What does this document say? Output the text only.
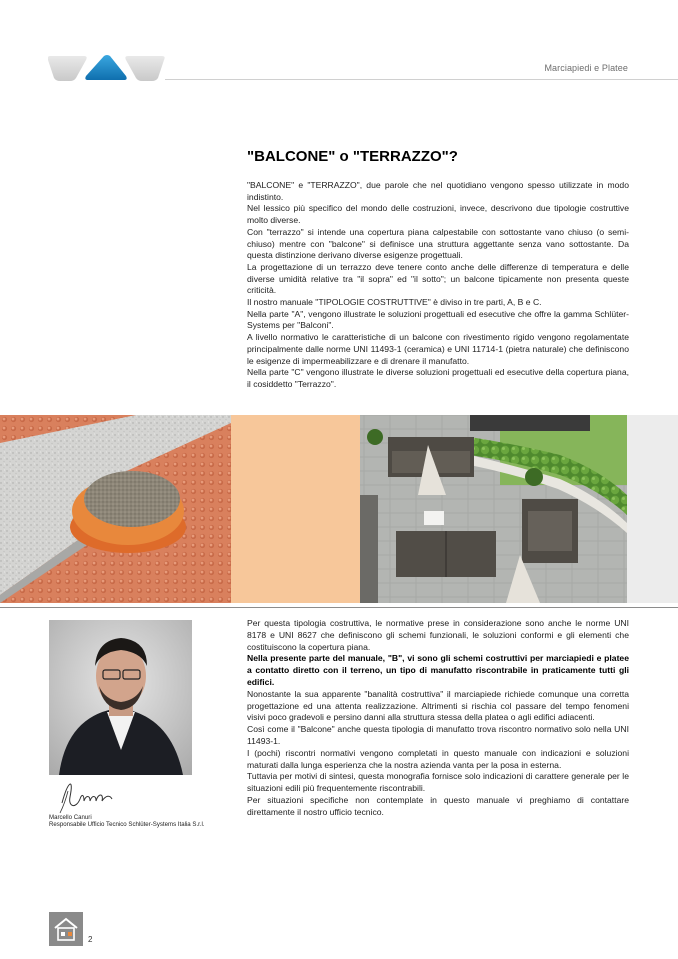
Marciapiedi e Platee
"BALCONE" o "TERRAZZO"?

"BALCONE" e "TERRAZZO", due parole che nel quotidiano vengono spesso utilizzate in modo indistinto.

Nel lessico più specifico del mondo delle costruzioni, invece, descrivono due tipologie costruttive molto diverse.

Con "terrazzo" si intende una copertura piana calpestabile con sottostante vano chiuso (o semi-chiuso) mentre con "balcone" si definisce una struttura aggettante senza vano sottostante. Da questa distinzione derivano diverse esigenze progettuali.

La progettazione di un terrazzo deve tenere conto anche delle differenze di temperatura e delle diverse umidità relative tra "il sopra" ed "il sotto"; un balcone tipicamente non presenta queste criticità.

Il nostro manuale "TIPOLOGIE COSTRUTTIVE" è diviso in tre parti, A, B e C.

Nella parte "A", vengono illustrate le soluzioni progettuali ed esecutive che offre la gamma Schlüter-Systems per "Balconi".

A livello normativo le caratteristiche di un balcone con rivestimento rigido vengono regolamentate principalmente dalle norme UNI 11493-1 (ceramica) e UNI 11714-1 (pietra naturale) che definiscono le esigenze di impermeabilizzare e di drenare il manufatto.

Nella parte "C" vengono illustrate le diverse soluzioni progettuali ed esecutive della copertura piana, il cosiddetto "Terrazzo".

Marcello Canuri
Responsabile Ufficio Tecnico Schlüter-Systems Italia S.r.l.

Per questa tipologia costruttiva, le normative prese in considerazione sono anche le norme UNI 8178 e UNI 8627 che definiscono gli schemi funzionali, le soluzioni conformi e gli elementi che costituiscono la copertura piana.

Nella presente parte del manuale, "B", vi sono gli schemi costruttivi per marciapiedi e platee a contatto diretto con il terreno, un tipo di manufatto riscontrabile in praticamente tutti gli edifici.

Nonostante la sua apparente "banalità costruttiva" il marciapiede richiede comunque una corretta progettazione ed una attenta realizzazione. Altrimenti si rischia col passare del tempo fenomeni visivi poco gradevoli e persino danni alla struttura stessa della platea o agli edifici adiacenti.

Così come il "Balcone" anche questa tipologia di manufatto trova riscontro normativo solo nella UNI 11493-1.

I (pochi) riscontri normativi vengono completati in questo manuale con indicazioni e soluzioni maturati dalla lunga esperienza che la nostra azienda vanta per la posa in esterna.

Tuttavia per motivi di sintesi, questa monografia fornisce solo indicazioni di carattere generale per le situazioni edili più frequentemente riscontrabili.

Per situazioni specifiche non contemplate in questo manuale vi preghiamo di contattare direttamente il nostro ufficio tecnico.

2
